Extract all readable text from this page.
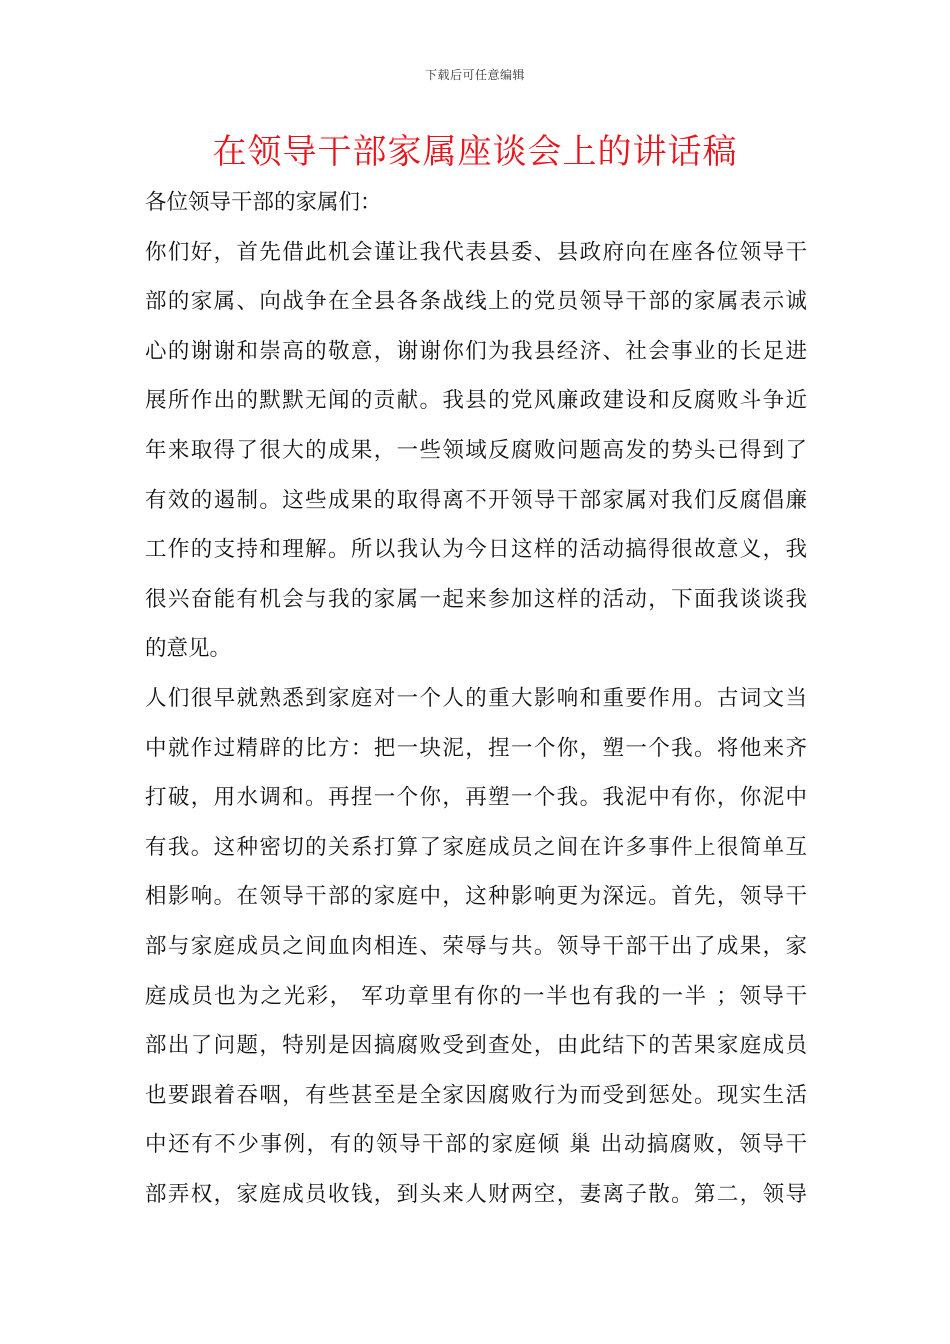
下载后可任意编辑
在领导干部家属座谈会上的讲话稿
各位领导干部的家属们：
你们好，首先借此机会谨让我代表县委、县政府向在座各位领导干
部的家属、向战争在全县各条战线上的党员领导干部的家属表示诚
心的谢谢和崇高的敬意，谢谢你们为我县经济、社会事业的长足进
展所作出的默默无闻的贡献。我县的党风廉政建设和反腐败斗争近
年来取得了很大的成果，一些领域反腐败问题高发的势头已得到了
有效的遏制。这些成果的取得离不开领导干部家属对我们反腐倡廉
工作的支持和理解。所以我认为今日这样的活动搞得很故意义，我
很兴奋能有机会与我的家属一起来参加这样的活动，下面我谈谈我
的意见。
人们很早就熟悉到家庭对一个人的重大影响和重要作用。古词文当
中就作过精辟的比方：把一块泥，捏一个你，塑一个我。将他来齐
打破，用水调和。再捏一个你，再塑一个我。我泥中有你，你泥中
有我。这种密切的关系打算了家庭成员之间在许多事件上很简单互
相影响。在领导干部的家庭中，这种影响更为深远。首先，领导干
部与家庭成员之间血肉相连、荣辱与共。领导干部干出了成果，家
庭成员也为之光彩， 军功章里有你的一半也有我的一半 ；领导干
部出了问题，特别是因搞腐败受到查处，由此结下的苦果家庭成员
也要跟着吞咽，有些甚至是全家因腐败行为而受到惩处。现实生活
中还有不少事例，有的领导干部的家庭倾 巢 出动搞腐败，领导干
部弄权，家庭成员收钱，到头来人财两空，妻离子散。第二，领导
